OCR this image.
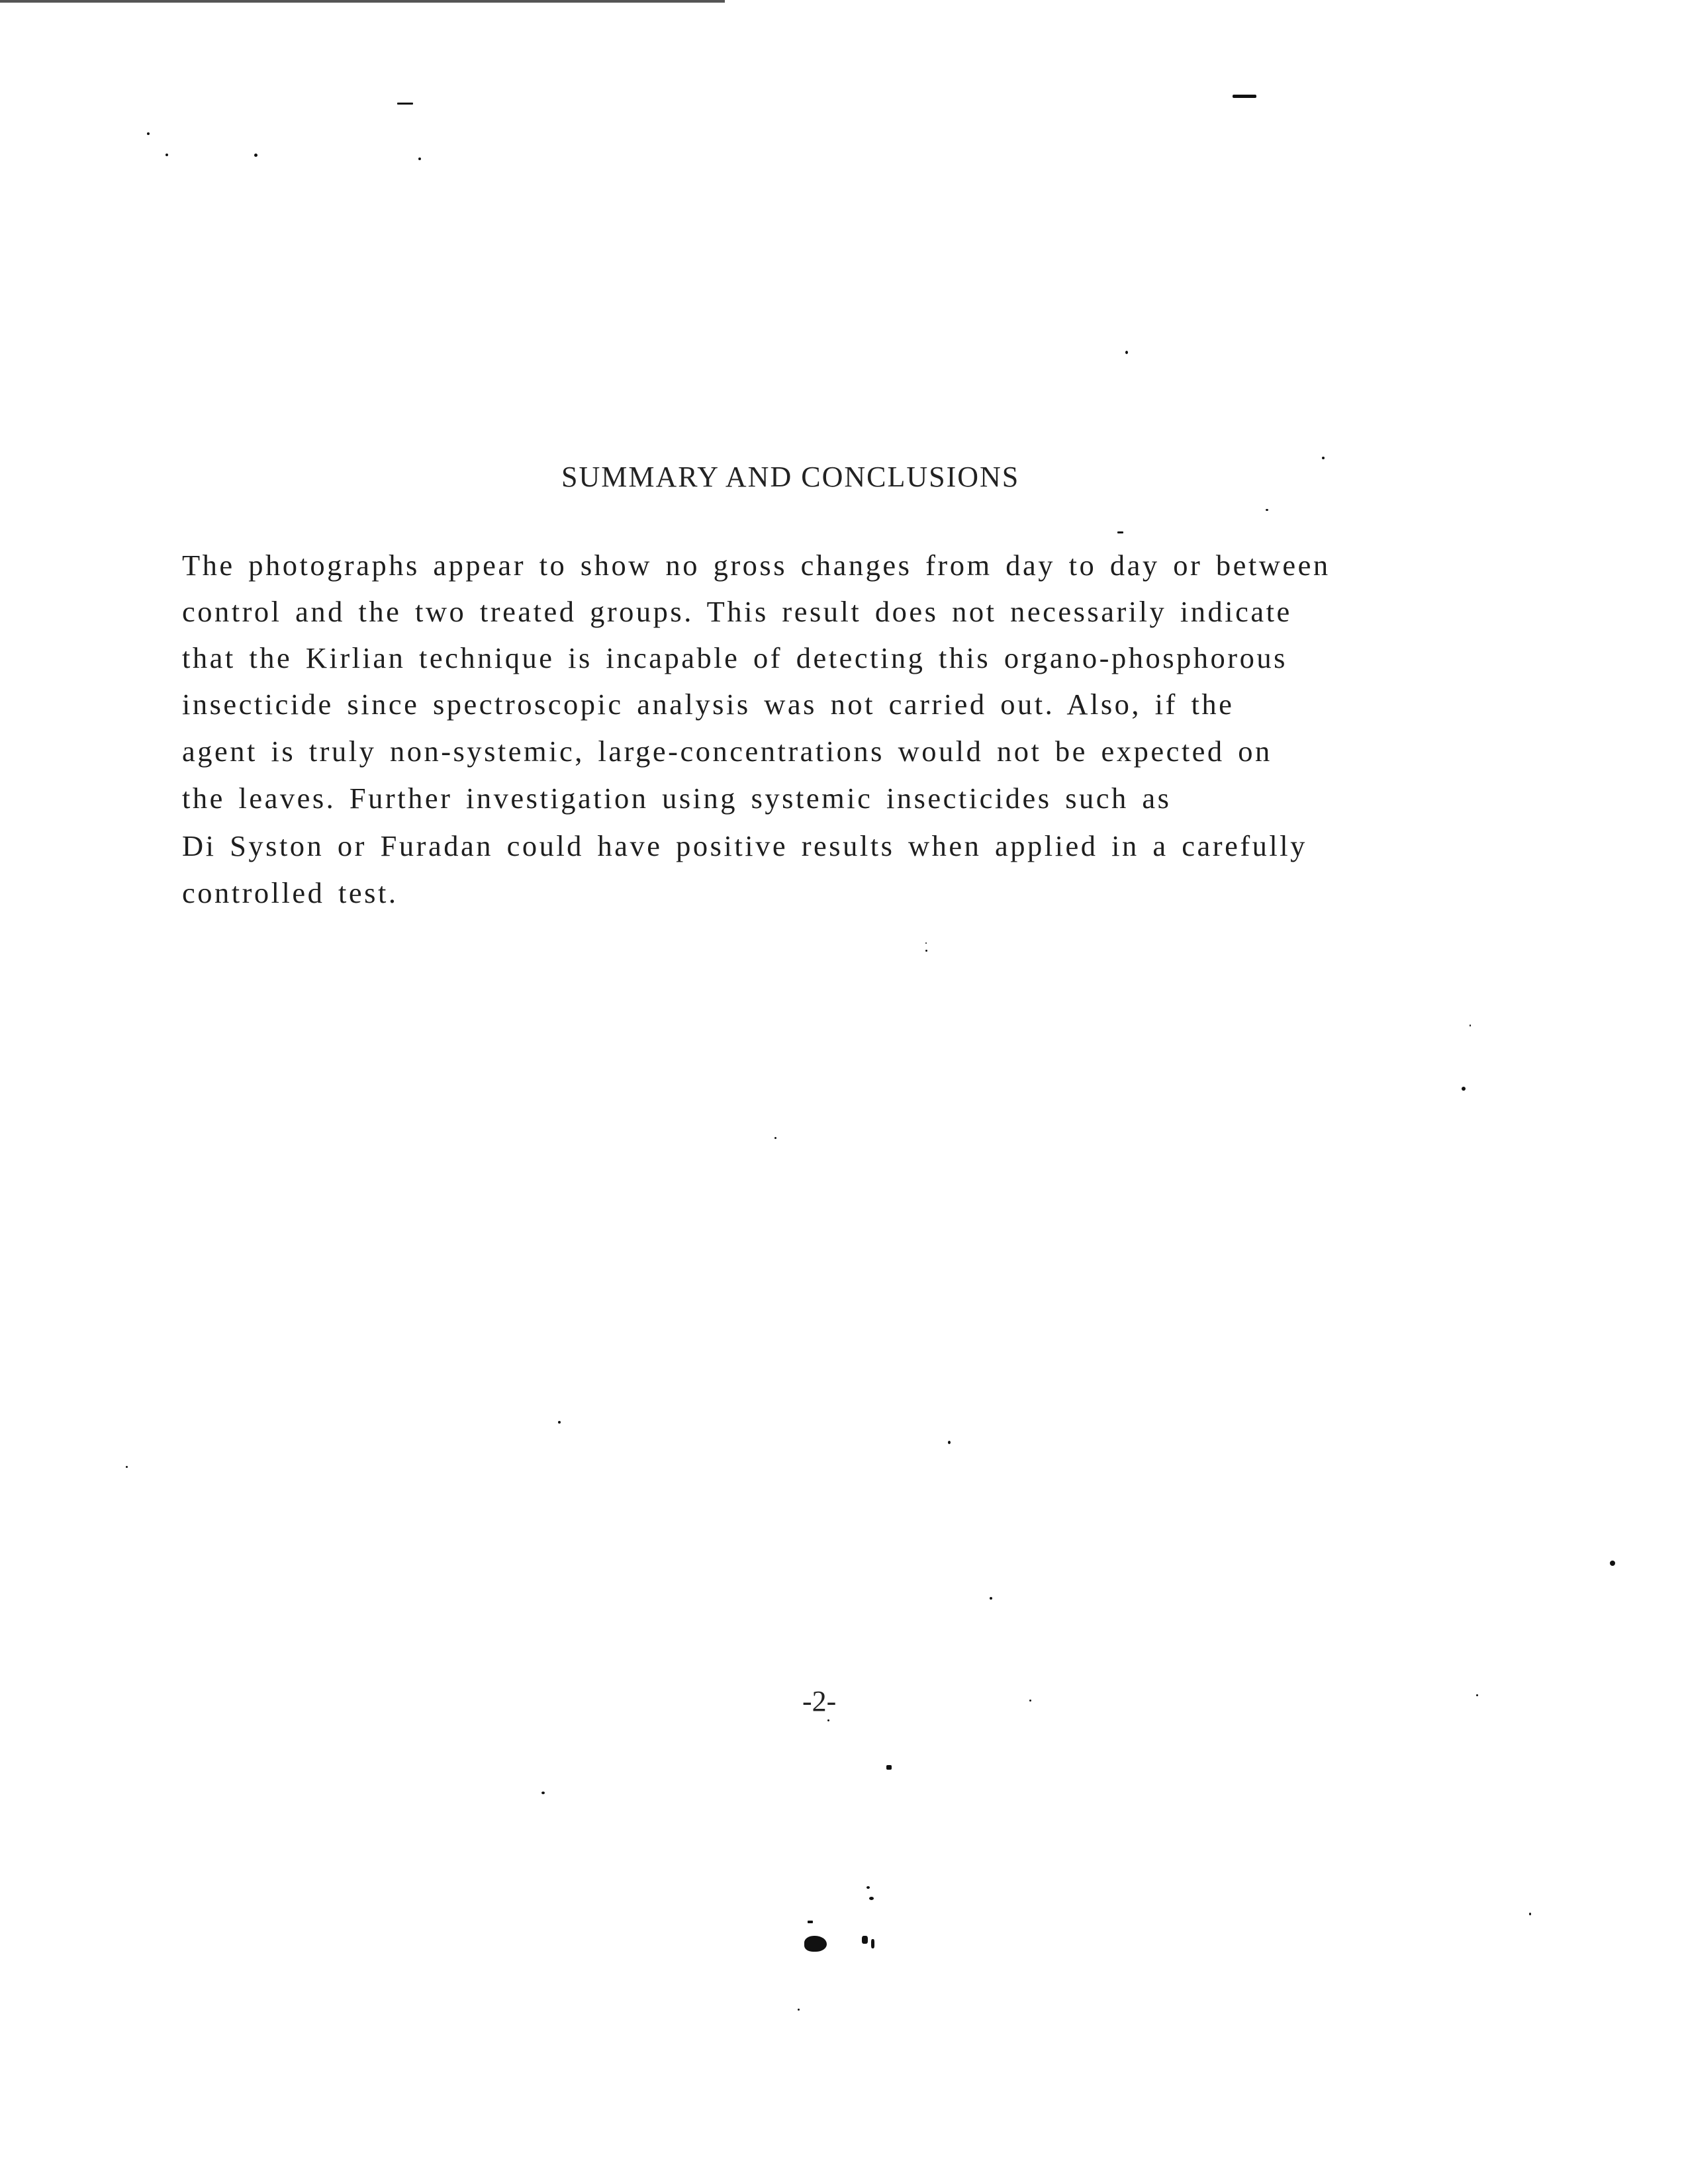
SUMMARY AND CONCLUSIONS
The photographs appear to show no gross changes from day to day or between
control and the two treated groups. This result does not necessarily indicate
that the Kirlian technique is incapable of detecting this organo-phosphorous
insecticide since spectroscopic analysis was not carried out. Also, if the
agent is truly non-systemic, large-concentrations would not be expected on
the leaves. Further investigation using systemic insecticides such as
Di Syston or Furadan could have positive results when applied in a carefully
controlled test.
-2-
